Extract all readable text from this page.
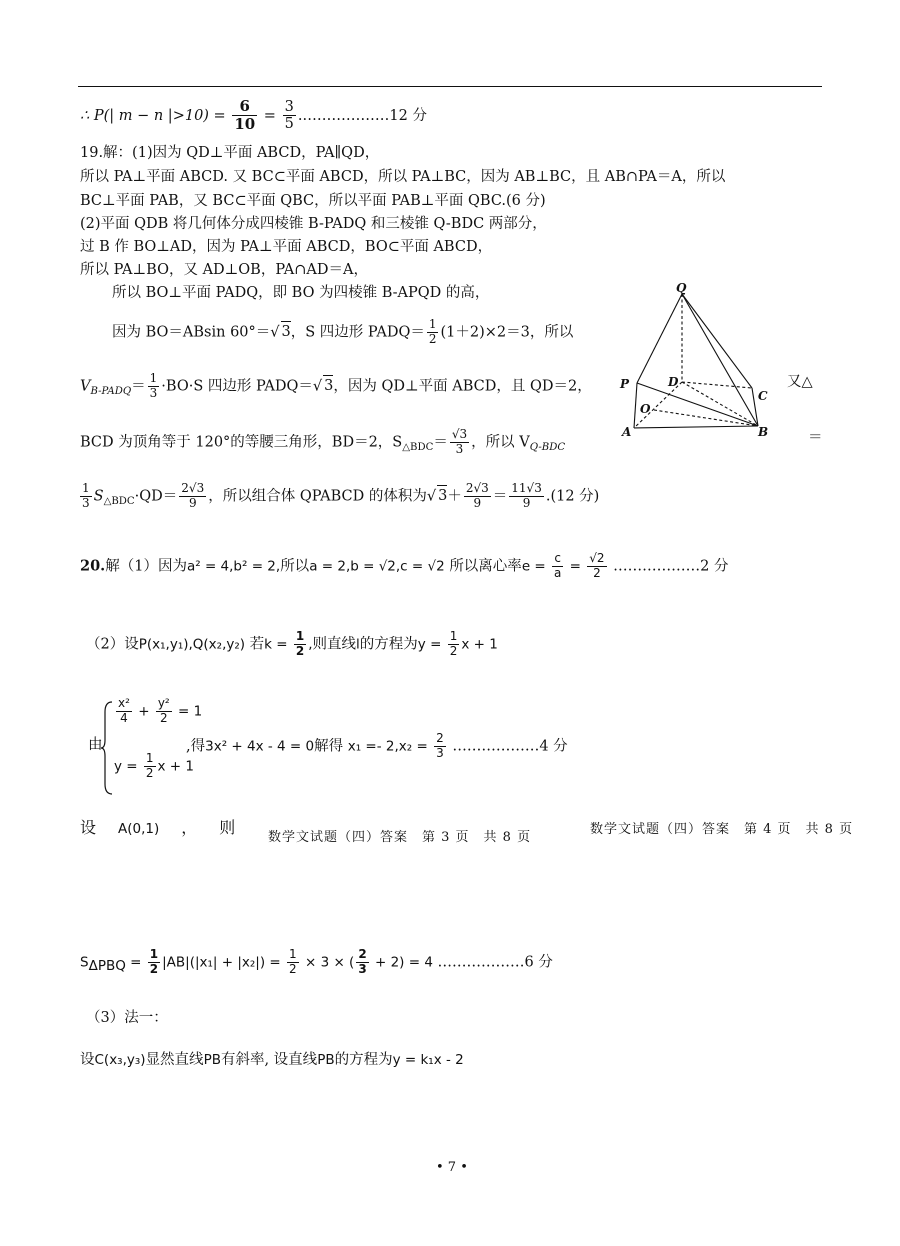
∴ P(| m − n $|>10) = \frac{6}{10} = \frac{3}{5}$ .………………12 分
19.解：(1)因为 QD⊥平面 ABCD，PA∥QD，
所以 PA⊥平面 ABCD. 又 BC⊂平面 ABCD，所以 PA⊥BC，因为 AB⊥BC，且 AB∩PA＝A，所以
BC⊥平面 PAB，又 BC⊂平面 QBC，所以平面 PAB⊥平面 QBC.(6 分)
(2)平面 QDB 将几何体分成四棱锥 B-PADQ 和三棱锥 Q-BDC 两部分，
过 B 作 BO⊥AD，因为 PA⊥平面 ABCD，BO⊂平面 ABCD，
所以 PA⊥BO，又 AD⊥OB，PA∩AD＝A，
所以 BO⊥平面 PADQ，即 BO 为四棱锥 B-APQD 的高，
因为 BO＝ABsin 60°＝√ 3，S 四边形 PADQ＝ $\frac{1}{2} (1+2)\times 2=3$，所以
$V_{B-PADQ}= \frac{1}{3} \cdot BO\cdot S$ 四边形 PADQ＝√ 3，因为 QD⊥平面 ABCD，且 QD＝2，	又△
BCD 为顶角等于 120°的等腰三角形，BD＝2，$S_{\triangle BDC}= \frac{√3}{3}$ ，所以 $V_{Q-BDC}$
＝
$\frac{1}{3} S_{\triangle BDC}\cdot QD= \frac{2√3}{9}$ ，所以组合体 QPABCD 的体积为√ $3+ \frac{2√3}{9} = \frac{11√3}{9} .(12$ 分)
Q
P	D
C
O
A	B
20.解（1）因为a² = 4,b² = 2,所以a = 2,b = √2,c = √2 所以离心率$e = \frac{c}{a} = \frac{√2}{2}$ ………………2 分
（2）设P(x₁,y₁),Q(x₂,y₂) 若$k = \frac{1}{2}$ ,则直线l的方程为$y = \frac{1}{2}$ x + 1
由
$\frac{\text{x²}}{4} + \frac{\text{y²}}{2} = 1$
$y = \frac{1}{2}$ x + 1
,得3x² + 4x - 4 = 0解得 $x_1 =- 2,x_2 = \frac{2}{3}$ ………………4 分
设 A(0,1) ， 则
数学文试题（四）答案　第 3 页　共 8 页
数学文试题（四）答案　第 4 页　共 8 页
$S_{\Delta PBQ} = \frac{1}{2} |AB|(|x_1| + |x_2|) = \frac{1}{2} \times 3$ × ( $\frac{2}{3} + 2) = 4$ ………………6 分
（3）法一：
设C(x₃,y₃)显然直线PB有斜率, 设直线PB的方程为y = k₁x - 2
• 7 •
